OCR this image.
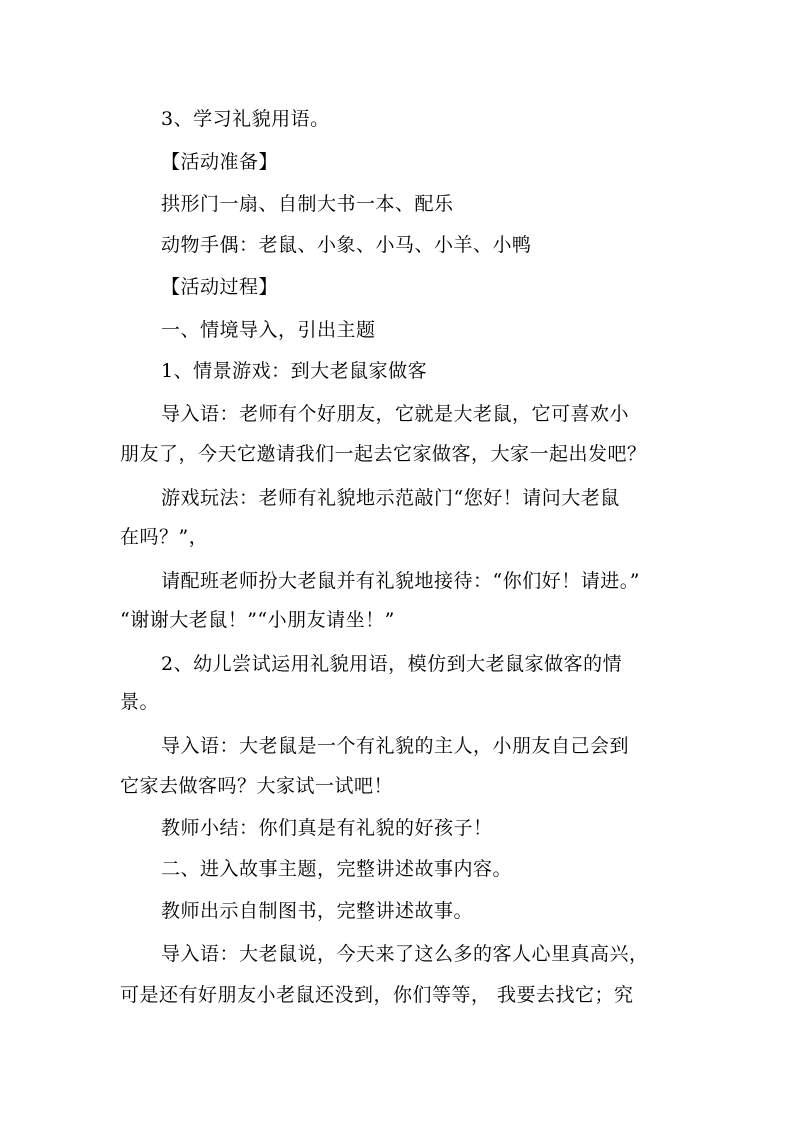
3、学习礼貌用语。
【活动准备】
拱形门一扇、自制大书一本、配乐
动物手偶：老鼠、小象、小马、小羊、小鸭
【活动过程】
一、情境导入，引出主题
1、情景游戏：到大老鼠家做客
导入语：老师有个好朋友，它就是大老鼠，它可喜欢小
朋友了，今天它邀请我们一起去它家做客，大家一起出发吧？
游戏玩法：老师有礼貌地示范敲门“您好！请问大老鼠
在吗？”，
请配班老师扮大老鼠并有礼貌地接待：“你们好！请进。”
“谢谢大老鼠！”“小朋友请坐！”
2、幼儿尝试运用礼貌用语，模仿到大老鼠家做客的情
景。
导入语：大老鼠是一个有礼貌的主人，小朋友自己会到
它家去做客吗？大家试一试吧！
教师小结：你们真是有礼貌的好孩子！
二、进入故事主题，完整讲述故事内容。
教师出示自制图书，完整讲述故事。
导入语：大老鼠说，今天来了这么多的客人心里真高兴，
可是还有好朋友小老鼠还没到，你们等等， 我要去找它；究
